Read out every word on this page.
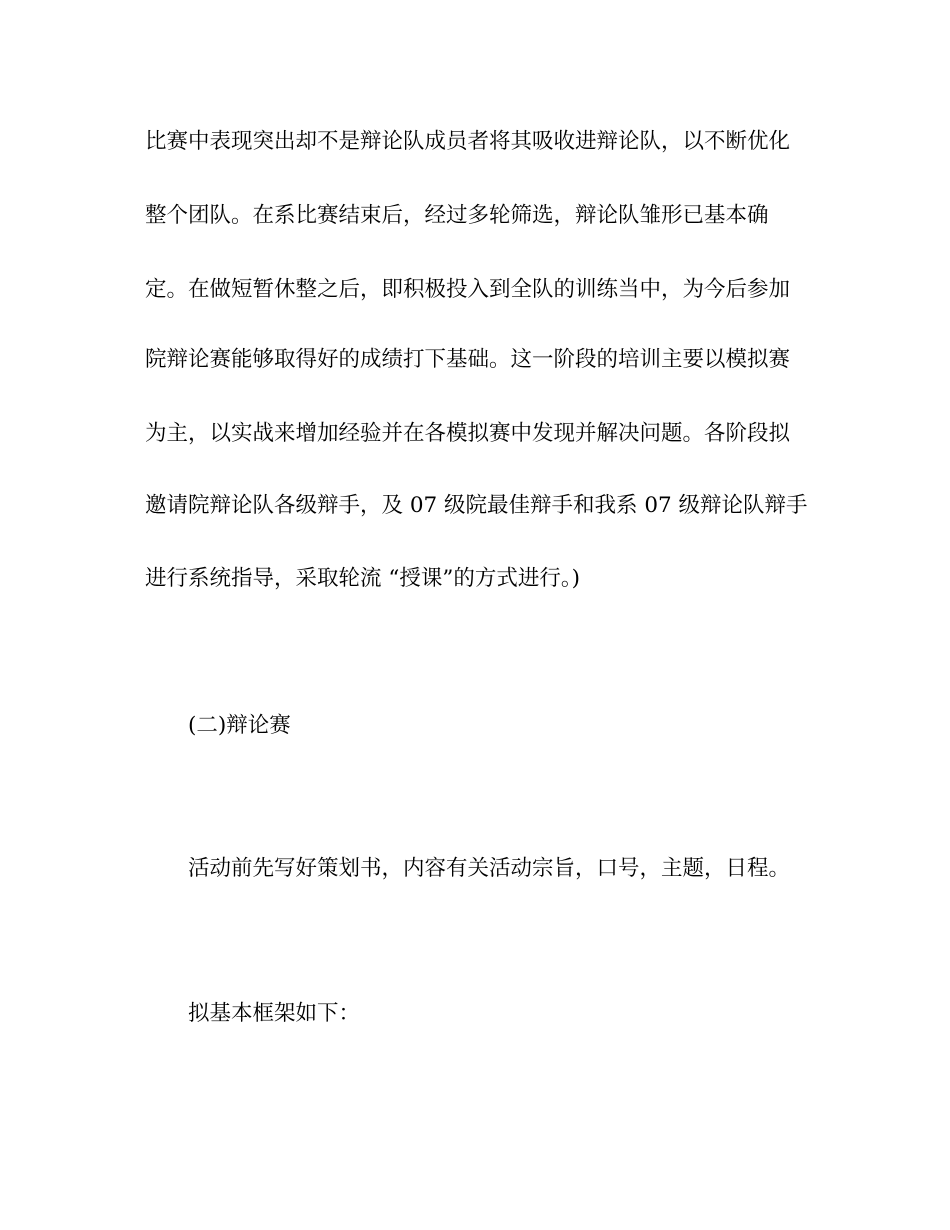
比赛中表现突出却不是辩论队成员者将其吸收进辩论队，以不断优化
整个团队。在系比赛结束后，经过多轮筛选，辩论队雏形已基本确
定。在做短暂休整之后，即积极投入到全队的训练当中，为今后参加
院辩论赛能够取得好的成绩打下基础。这一阶段的培训主要以模拟赛
为主，以实战来增加经验并在各模拟赛中发现并解决问题。各阶段拟
邀请院辩论队各级辩手，及 07 级院最佳辩手和我系 07 级辩论队辩手
进行系统指导，采取轮流 “授课”的方式进行。)
(二)辩论赛
活动前先写好策划书，内容有关活动宗旨，口号，主题，日程。
拟基本框架如下：
